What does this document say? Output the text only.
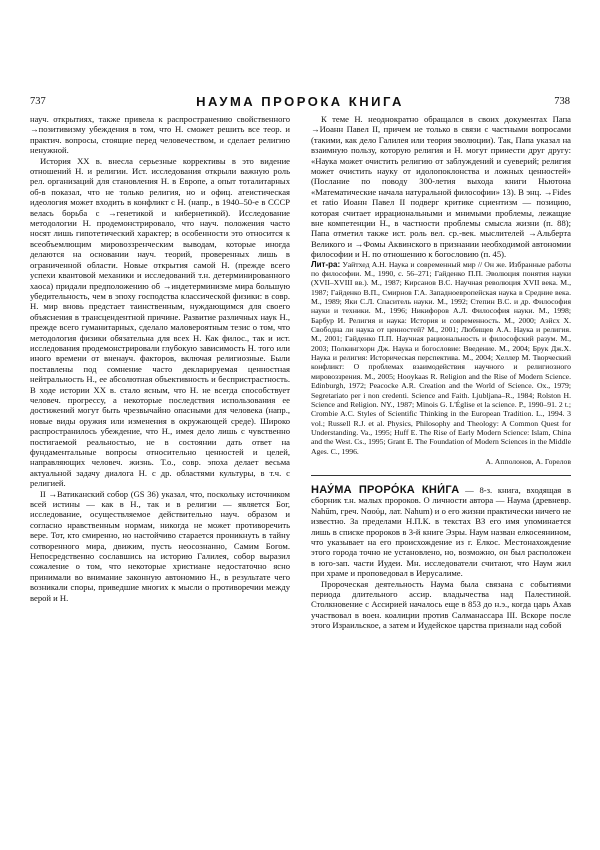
737	НАУМА ПРОРОКА КНИГА	738

науч. открытиях, также привела к распространению свойственного →позитивизму убеждения в том, что Н. сможет решить все теор. и практич. вопросы, стоящие перед человечеством, и сделает религию ненужной.

История XX в. внесла серьезные коррективы в это видение отношений Н. и религии. Ист. исследования открыли важную роль рел. организаций для становления Н. в Европе, а опыт тоталитарных об-в показал, что не только религия, но и офиц. атеистическая идеология может входить в конфликт с Н. (напр., в 1940–50-е в СССР велась борьба с →генетикой и кибернетикой). Исследование методологии Н. продемонстрировало, что науч. положения часто носят лишь гипотетический характер; в особенности это относится к всеобъемлющим мировоззренческим выводам, которые иногда делаются на основании науч. теорий, проверенных лишь в ограниченной области. Новые открытия самой Н. (прежде всего успехи квантовой механики и исследований т.н. детерминированного хаоса) придали предположению об →индетерминизме мира большую убедительность, чем в эпоху господства классической физики: в совр. Н. мир вновь предстает таинственным, нуждающимся для своего объяснения в трансцендентной причине. Развитие различных наук Н., прежде всего гуманитарных, сделало маловероятным тезис о том, что методология физики обязательна для всех Н. Как филос., так и ист. исследования продемонстрировали глубокую зависимость Н. того или иного времени от вненауч. факторов, включая религиозные. Были поставлены под сомнение часто декларируемая ценностная нейтральность Н., ее абсолютная объективность и беспристрастность. В ходе истории XX в. стало ясным, что Н. не всегда способствует человеч. прогрессу, а некоторые последствия использования ее достижений могут быть чрезвычайно опасными для человека (напр., новые виды оружия или изменения в окружающей среде). Широко распространилось убеждение, что Н., имея дело лишь с чувственно постигаемой реальностью, не в состоянии дать ответ на фундаментальные вопросы относительно ценностей и целей, направляющих человеч. жизнь. Т.о., совр. эпоха делает весьма актуальной задачу диалога Н. с др. областями культуры, в т.ч. с религией.

II →Ватиканский собор (GS 36) указал, что, поскольку источником всей истины — как в Н., так и в религии — является Бог, исследование, осуществляемое действительно науч. образом и согласно нравственным нормам, никогда не может противоречить вере. Тот, кто смиренно, но настойчиво старается проникнуть в тайну сотворенного мира, движим, пусть неосознанно, Самим Богом. Непосредственно сославшись на историю Галилея, собор выразил сожаление о том, что некоторые христиане недостаточно ясно принимали во внимание законную автономию Н., в результате чего возникали споры, приведшие многих к мысли о противоречии между верой и Н.

К теме Н. неоднократно обращался в своих документах Папа →Иоанн Павел II, причем не только в связи с частными вопросами (такими, как дело Галилея или теория эволюции). Так, Папа указал на взаимную пользу, которую религия и Н. могут принести друг другу: «Наука может очистить религию от заблуждений и суеверий; религия может очистить науку от идолопоклонства и ложных ценностей» (Послание по поводу 300-летия выхода книги Ньютона «Математические начала натуральной философии» 13). В энц. →Fides et ratio Иоанн Павел II подверг критике сциентизм — позицию, которая считает иррациональными и мнимыми проблемы, лежащие вне компетенции Н., в частности проблемы смысла жизни (п. 88); Папа отметил также ист. роль вел. ср.-век. мыслителей →Альберта Великого и →Фомы Аквинского в признании необходимой автономии философии и Н. по отношению к богословию (п. 45).

Лит-ра: Уайтхед А.Н. Наука и современный мир // Он же. Избранные работы по философии. М., 1990, с. 56–271; Гайденко П.П. Эволюция понятия науки (XVII–XVIII вв.). М., 1987; Кирсанов В.С. Научная революция XVII века. М., 1987; Гайденко В.П., Смирнов Г.А. Западноевропейская наука в Средние века. М., 1989; Яки С.Л. Спаситель науки. М., 1992; Степин В.С. и др. Философия науки и техники. М., 1996; Никифоров А.Л. Философия науки. М., 1998; Барбур И. Религия и наука: История и современность. М., 2000; Аэйсх Х. Свободна ли наука от ценностей? М., 2001; Любищев А.А. Наука и религия. М., 2001; Гайденко П.П. Научная рациональность и философский разум. М., 2003; Полкингхорн Дж. Наука и богословие: Введение. М., 2004; Брук Дж.Х. Наука и религия: Историческая перспектива. М., 2004; Хеллер М. Творческий конфликт: О проблемах взаимодействия научного и религиозного мировоззрения. М., 2005; Hooykaas R. Religion and the Rise of Modern Science. Edinburgh, 1972; Peacocke A.R. Creation and the World of Science. Oх., 1979; Segretariato per i non credenti. Science and Faith. Ljubljana–R., 1984; Rolston H. Science and Religion. NY., 1987; Minois G. L'Église et la science. P., 1990–91. 2 t.; Crombie A.C. Styles of Scientific Thinking in the European Tradition. L., 1994. 3 vol.; Russell R.J. et al. Physics, Philosophy and Theology: A Common Quest for Understanding. Va., 1995; Huff E. The Rise of Early Modern Science: Islam, China and the West. Cs., 1995; Grant E. The Foundation of Modern Sciences in the Middle Ages. C., 1996.

А. Апполонов, А. Горелов

НАУ́МА ПРОРО́КА КНИ́ГА — 8-з. книга, входящая в сборник т.н. малых пророков. О личности автора — Наума (древневр. Nahūm, греч. Ναούμ, лат. Nahum) и о его жизни практически ничего не известно. За пределами Н.П.К. в текстах ВЗ его имя упоминается лишь в списке пророков в 3-й книге Эзры. Наум назван елкосеянином, что указывает на его происхождение из г. Елкос. Местонахождение этого города точно не установлено, но, возможно, он был расположен в юго-зап. части Иудеи. Мн. исследователи считают, что Наум жил при храме и проповедовал в Иерусалиме.

Пророческая деятельность Наума была связана с событиями периода длительного ассир. владычества над Палестиной. Столкновение с Ассирией началось еще в 853 до н.э., когда царь Ахав участвовал в воен. коалиции против Салманассара III. Вскоре после этого Израильское, а затем и Иудейское царства признали над собой
